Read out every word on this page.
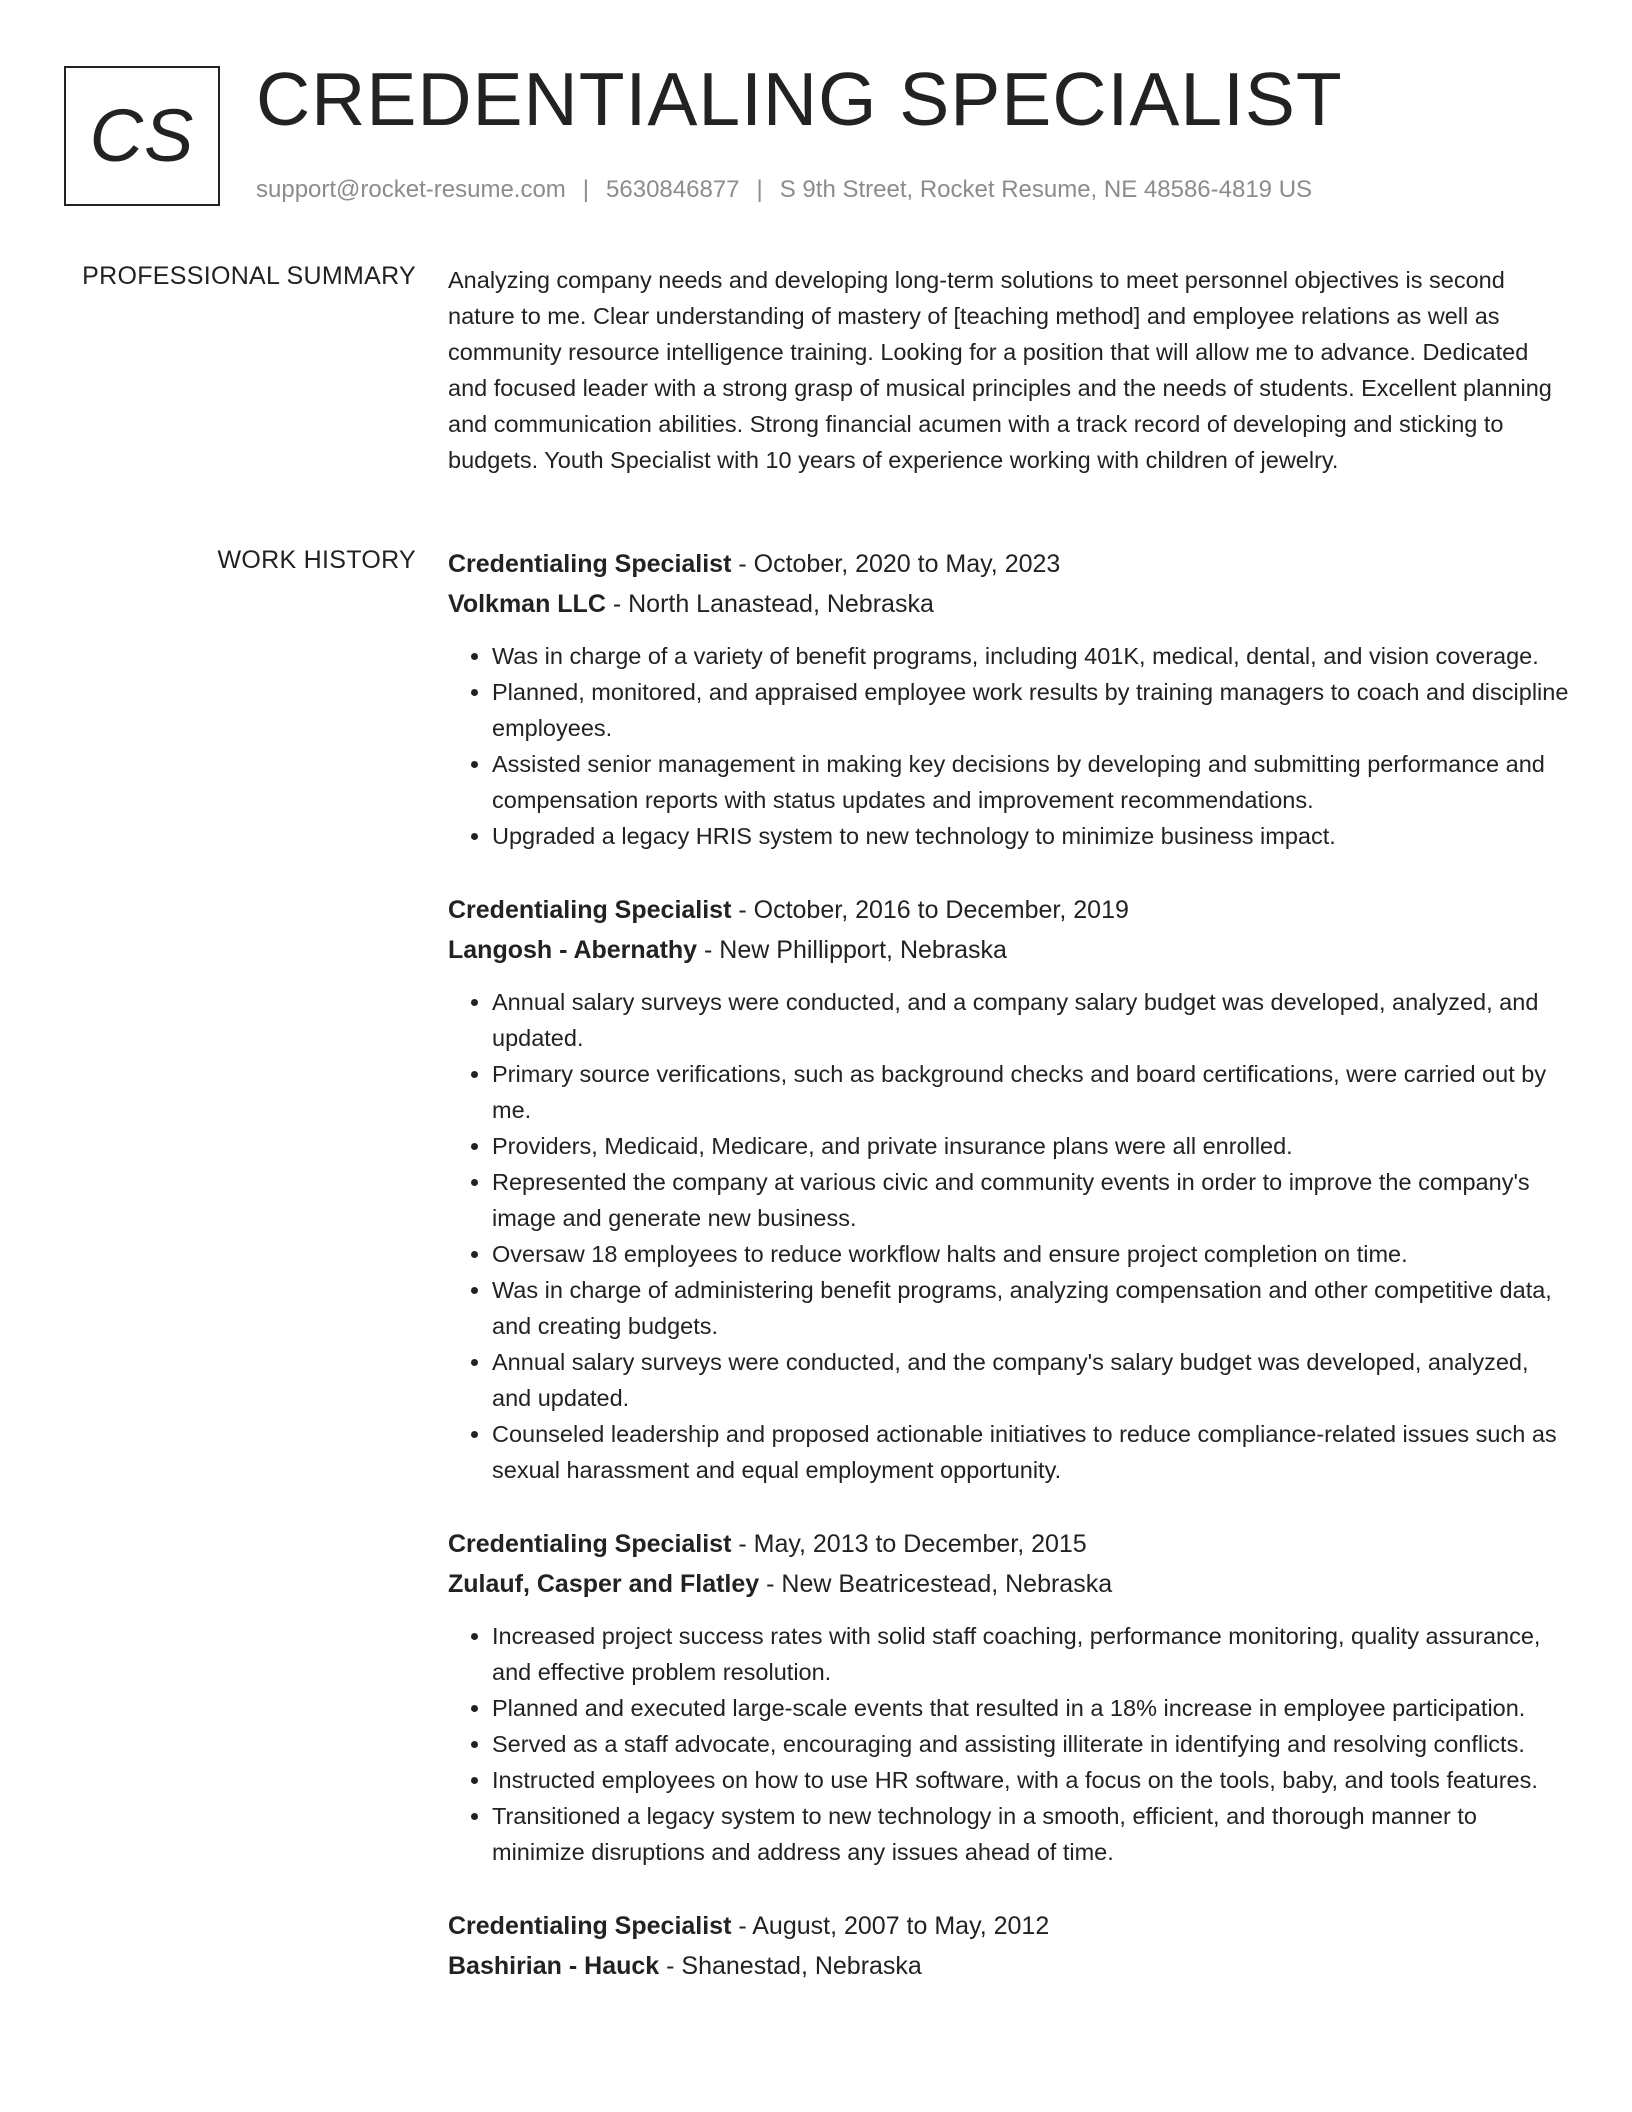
CS CREDENTIALING SPECIALIST
support@rocket-resume.com | 5630846877 | S 9th Street, Rocket Resume, NE 48586-4819 US
PROFESSIONAL SUMMARY Analyzing company needs and developing long-term solutions to meet personnel objectives is second nature to me. Clear understanding of mastery of [teaching method] and employee relations as well as community resource intelligence training. Looking for a position that will allow me to advance. Dedicated and focused leader with a strong grasp of musical principles and the needs of students. Excellent planning and communication abilities. Strong financial acumen with a track record of developing and sticking to budgets. Youth Specialist with 10 years of experience working with children of jewelry.

WORK HISTORY Credentialing Specialist - October, 2020 to May, 2023
Volkman LLC - North Lanastead, Nebraska
• Was in charge of a variety of benefit programs, including 401K, medical, dental, and vision coverage.
• Planned, monitored, and appraised employee work results by training managers to coach and discipline employees.
• Assisted senior management in making key decisions by developing and submitting performance and compensation reports with status updates and improvement recommendations.
• Upgraded a legacy HRIS system to new technology to minimize business impact.
Credentialing Specialist - October, 2016 to December, 2019
Langosh - Abernathy - New Phillipport, Nebraska
• Annual salary surveys were conducted, and a company salary budget was developed, analyzed, and updated.
• Primary source verifications, such as background checks and board certifications, were carried out by me.
• Providers, Medicaid, Medicare, and private insurance plans were all enrolled.
• Represented the company at various civic and community events in order to improve the company's image and generate new business.
• Oversaw 18 employees to reduce workflow halts and ensure project completion on time.
• Was in charge of administering benefit programs, analyzing compensation and other competitive data, and creating budgets.
• Annual salary surveys were conducted, and the company's salary budget was developed, analyzed, and updated.
• Counseled leadership and proposed actionable initiatives to reduce compliance-related issues such as sexual harassment and equal employment opportunity.
Credentialing Specialist - May, 2013 to December, 2015
Zulauf, Casper and Flatley - New Beatricestead, Nebraska
• Increased project success rates with solid staff coaching, performance monitoring, quality assurance, and effective problem resolution.
• Planned and executed large-scale events that resulted in a 18% increase in employee participation.
• Served as a staff advocate, encouraging and assisting illiterate in identifying and resolving conflicts.
• Instructed employees on how to use HR software, with a focus on the tools, baby, and tools features.
• Transitioned a legacy system to new technology in a smooth, efficient, and thorough manner to minimize disruptions and address any issues ahead of time.
Credentialing Specialist - August, 2007 to May, 2012
Bashirian - Hauck - Shanestad, Nebraska
